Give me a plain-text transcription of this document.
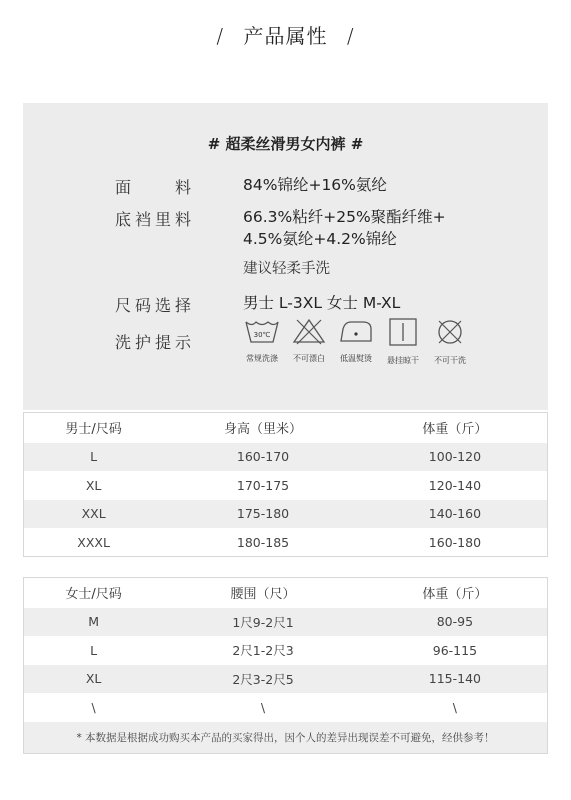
/ 产品属性 /
# 超柔丝滑男女内裤 #
面　　料	84%锦纶+16%氨纶
底裆里料	66.3%粘纤+25%聚酯纤维+
4.5%氨纶+4.2%锦纶
建议轻柔手洗
尺码选择	男士 L-3XL 女士 M-XL
洗护提示	30℃
常规洗涤	不可漂白	低温熨烫	悬挂晾干	不可干洗
男士/尺码	身高（里米）	体重（斤）
L	160-170	100-120
XL	170-175	120-140
XXL	175-180	140-160
XXXL	180-185	160-180
女士/尺码	腰围（尺）	体重（斤）
M	1尺9-2尺1	80-95
L	2尺1-2尺3	96-115
XL	2尺3-2尺5	115-140
\	\	\
* 本数据是根据成功购买本产品的买家得出，因个人的差异出现误差不可避免，经供参考！		
